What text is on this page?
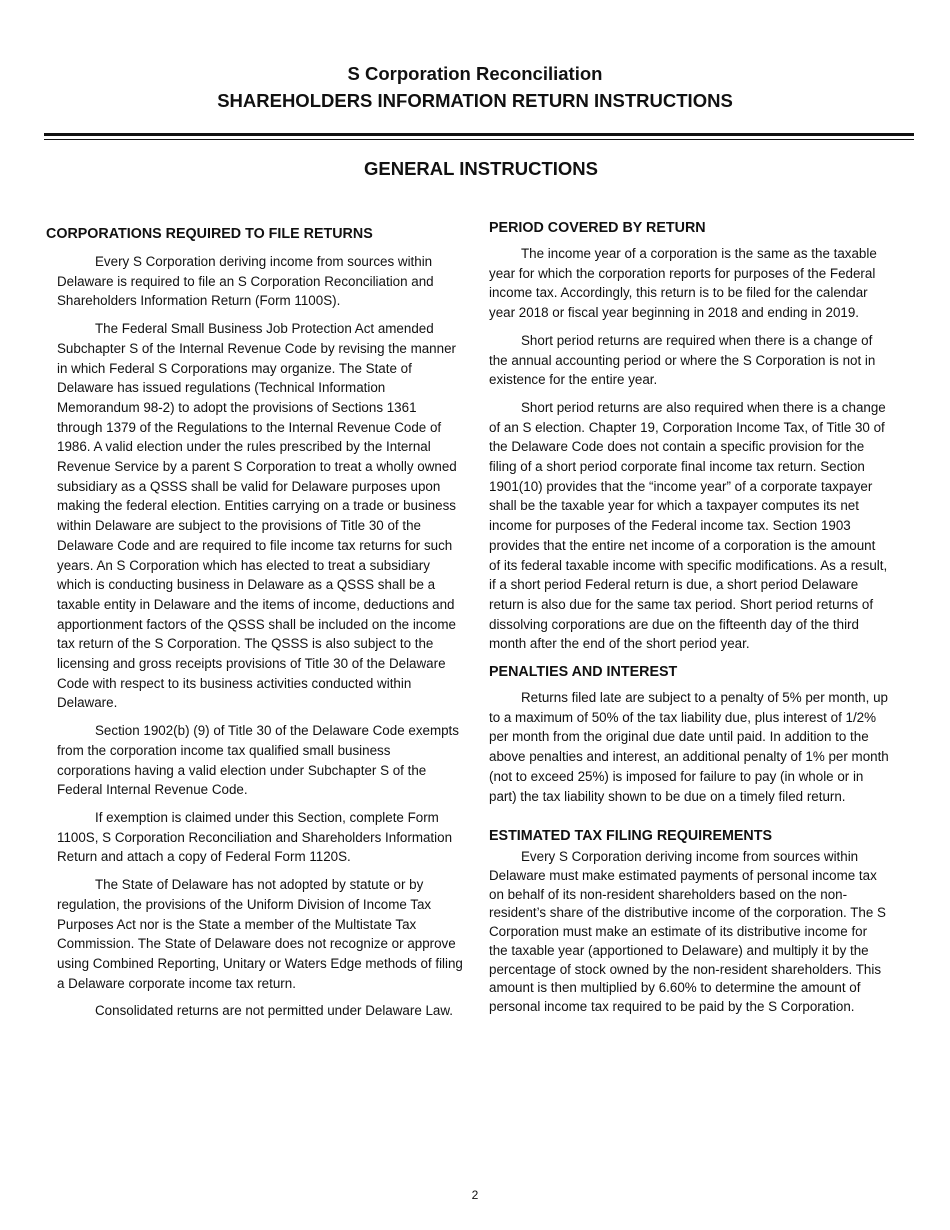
S Corporation Reconciliation
SHAREHOLDERS INFORMATION RETURN INSTRUCTIONS
GENERAL INSTRUCTIONS
CORPORATIONS REQUIRED TO FILE RETURNS

Every S Corporation deriving income from sources within Delaware is required to file an S Corporation Reconciliation and Shareholders Information Return (Form 1100S).

The Federal Small Business Job Protection Act amended Subchapter S of the Internal Revenue Code by revising the manner in which Federal S Corporations may organize. The State of Delaware has issued regulations (Technical Information Memorandum 98-2) to adopt the provisions of Sections 1361 through 1379 of the Regulations to the Internal Revenue Code of 1986. A valid election under the rules prescribed by the Internal Revenue Service by a parent S Corporation to treat a wholly owned subsidiary as a QSSS shall be valid for Delaware purposes upon making the federal election. Entities carrying on a trade or business within Delaware are subject to the provisions of Title 30 of the Delaware Code and are required to file income tax returns for such years. An S Corporation which has elected to treat a subsidiary which is conducting business in Delaware as a QSSS shall be a taxable entity in Delaware and the items of income, deductions and apportionment factors of the QSSS shall be included on the income tax return of the S Corporation. The QSSS is also subject to the licensing and gross receipts provisions of Title 30 of the Delaware Code with respect to its business activities conducted within Delaware.

Section 1902(b) (9) of Title 30 of the Delaware Code exempts from the corporation income tax qualified small business corporations having a valid election under Subchapter S of the Federal Internal Revenue Code.

If exemption is claimed under this Section, complete Form 1100S, S Corporation Reconciliation and Shareholders Information Return and attach a copy of Federal Form 1120S.

The State of Delaware has not adopted by statute or by regulation, the provisions of the Uniform Division of Income Tax Purposes Act nor is the State a member of the Multistate Tax Commission. The State of Delaware does not recognize or approve using Combined Reporting, Unitary or Waters Edge methods of filing a Delaware corporate income tax return.

Consolidated returns are not permitted under Delaware Law.

PERIOD COVERED BY RETURN

The income year of a corporation is the same as the taxable year for which the corporation reports for purposes of the Federal income tax. Accordingly, this return is to be filed for the calendar year 2018 or fiscal year beginning in 2018 and ending in 2019.

Short period returns are required when there is a change of the annual accounting period or where the S Corporation is not in existence for the entire year.

Short period returns are also required when there is a change of an S election. Chapter 19, Corporation Income Tax, of Title 30 of the Delaware Code does not contain a specific provision for the filing of a short period corporate final income tax return. Section 1901(10) provides that the “income year” of a corporate taxpayer shall be the taxable year for which a taxpayer computes its net income for purposes of the Federal income tax. Section 1903 provides that the entire net income of a corporation is the amount of its federal taxable income with specific modifications. As a result, if a short period Federal return is due, a short period Delaware return is also due for the same tax period. Short period returns of dissolving corporations are due on the fifteenth day of the third month after the end of the short period year.

PENALTIES AND INTEREST

Returns filed late are subject to a penalty of 5% per month, up to a maximum of 50% of the tax liability due, plus interest of 1/2% per month from the original due date until paid. In addition to the above penalties and interest, an additional penalty of 1% per month (not to exceed 25%) is imposed for failure to pay (in whole or in part) the tax liability shown to be due on a timely filed return.

ESTIMATED TAX FILING REQUIREMENTS

Every S Corporation deriving income from sources within Delaware must make estimated payments of personal income tax on behalf of its non-resident shareholders based on the non-resident’s share of the distributive income of the corporation. The S Corporation must make an estimate of its distributive income for the taxable year (apportioned to Delaware) and multiply it by the percentage of stock owned by the non-resident shareholders. This amount is then multiplied by 6.60% to determine the amount of personal income tax required to be paid by the S Corporation.

2
